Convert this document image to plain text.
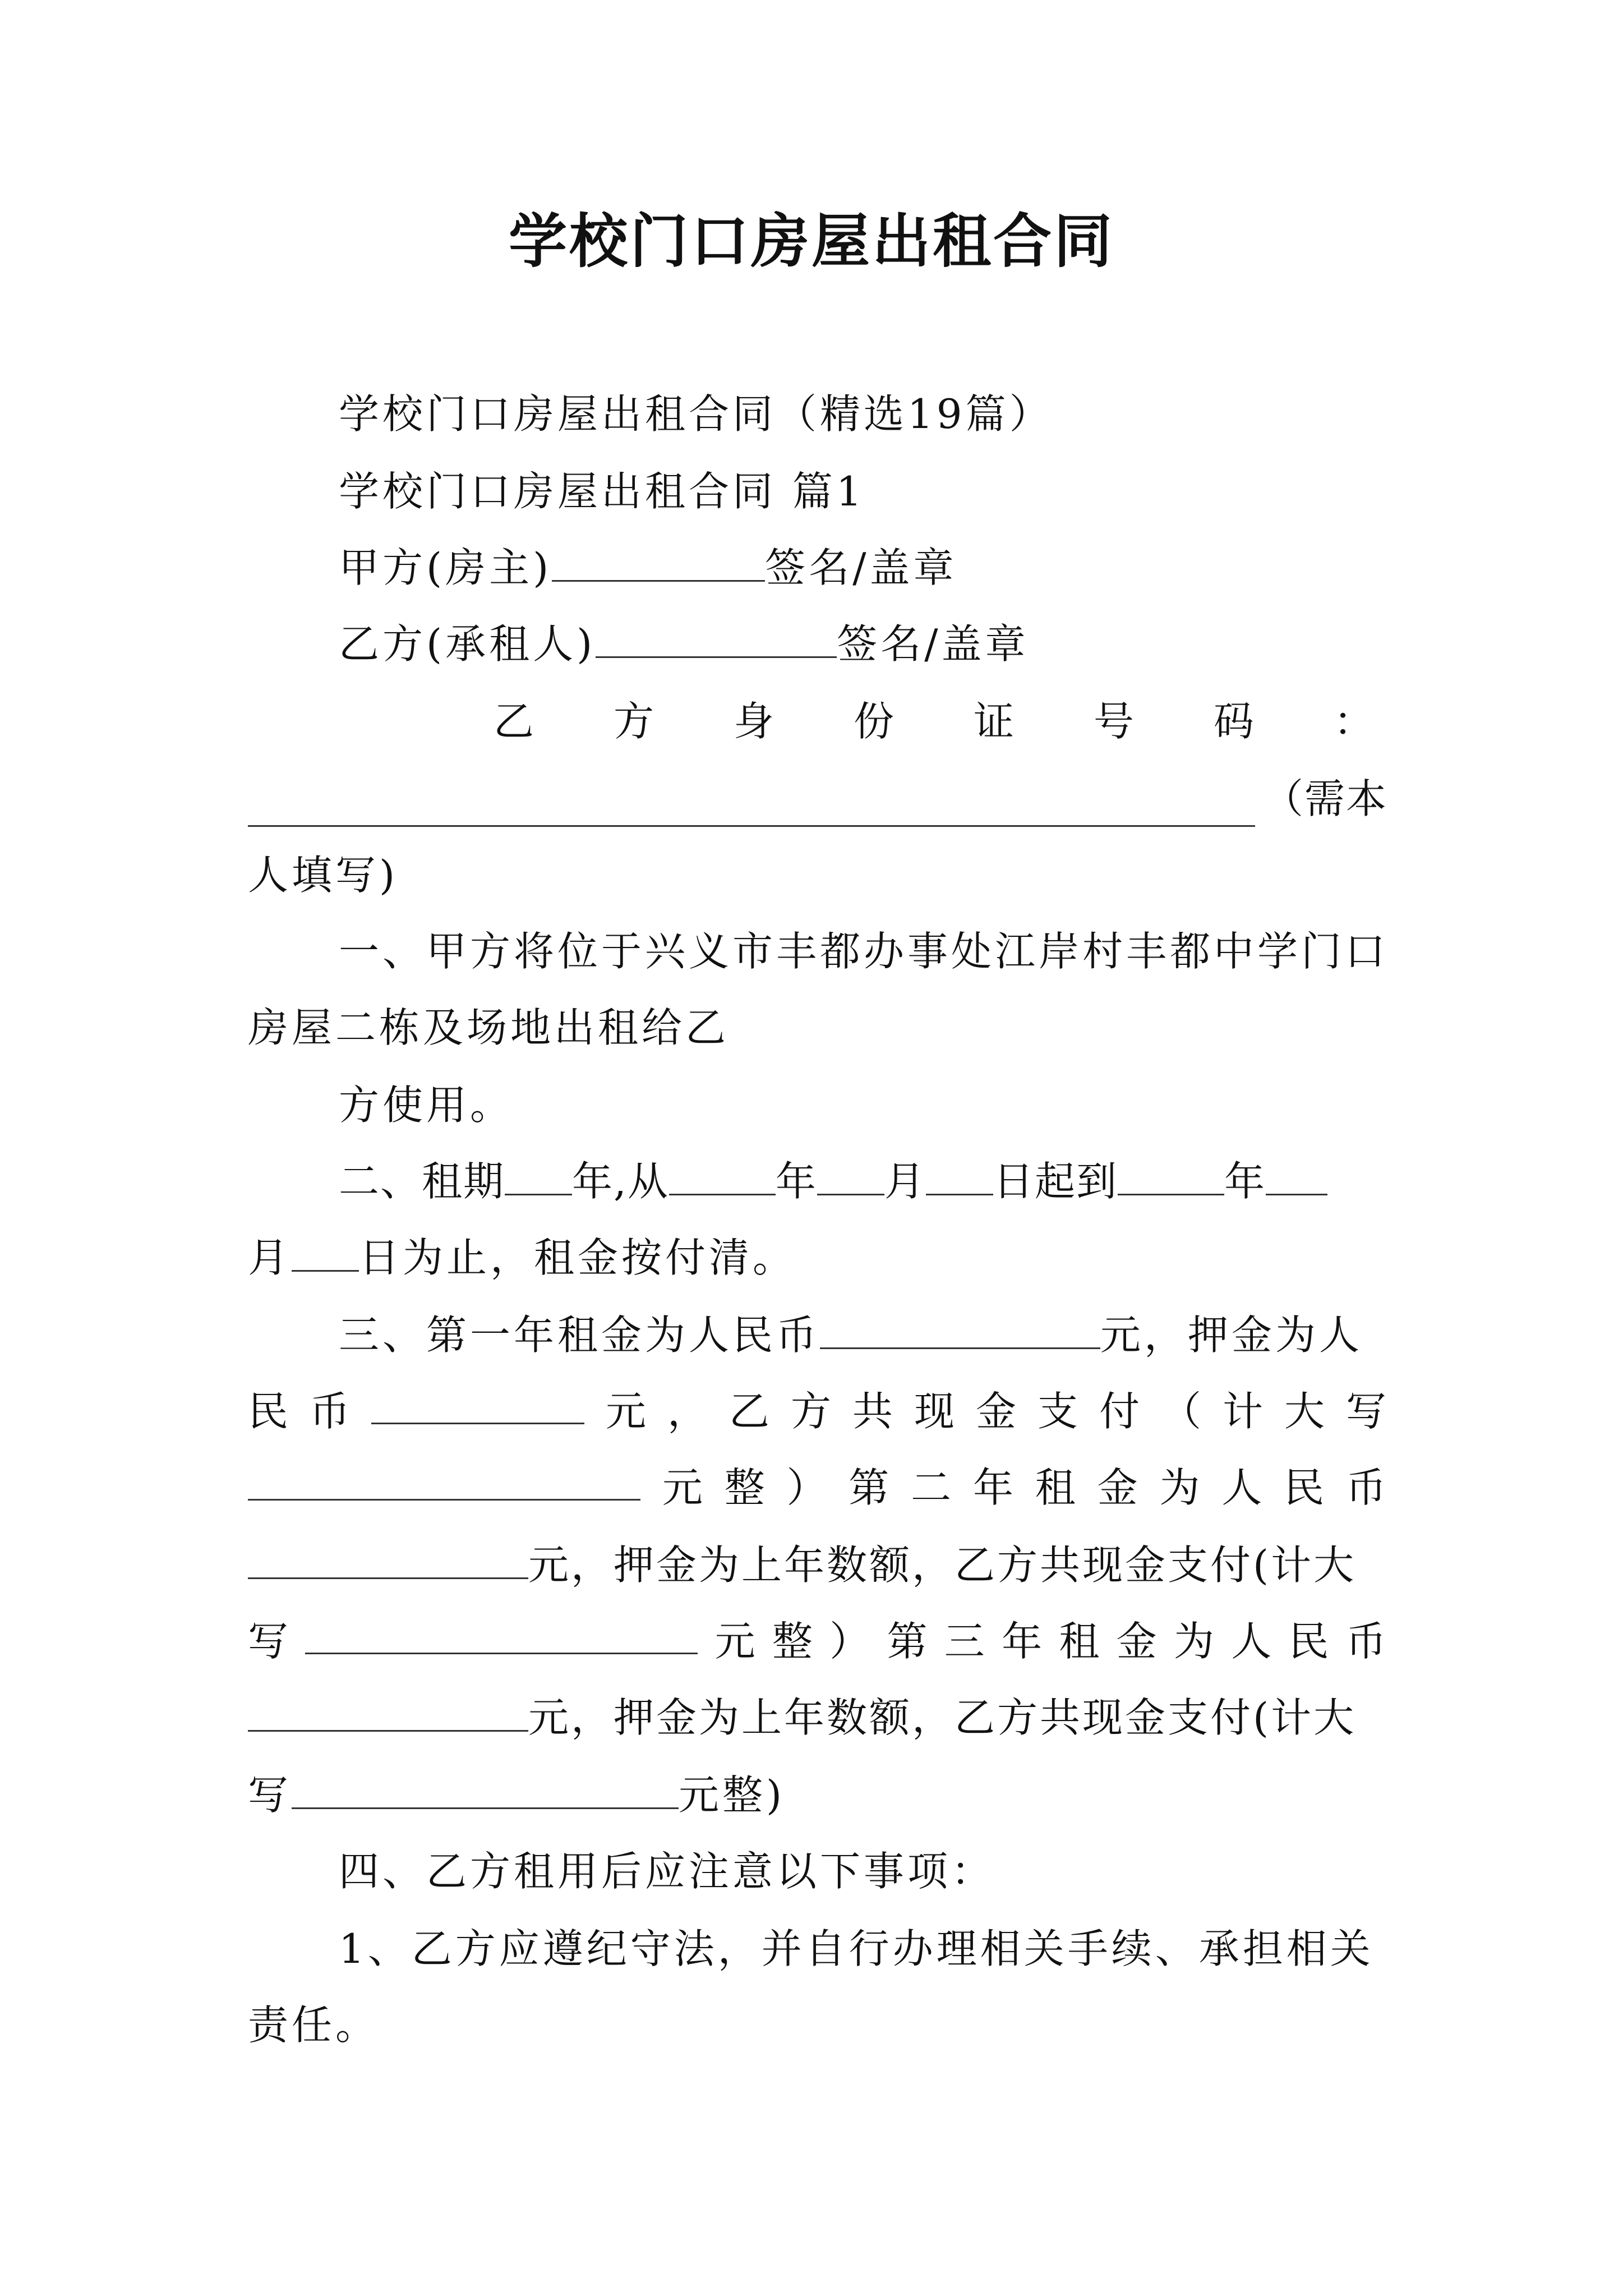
学校门口房屋出租合同
学校门口房屋出租合同（精选19篇）
学校门口房屋出租合同 篇1
甲方(房主)	签名/盖章
乙方(承租人)	签名/盖章
乙 方 身 份 证 号 码 ：
（ 需 本
人填写)
一、甲方将位于兴义市丰都办事处江岸村丰都中学门口
房屋二栋及场地出租给乙
方使用。
二、租期 年,从	年 月 日起到	年
月 日为止，租金按付清。
三、第一年租金为人民币	元，押金为人
民 币	元 ， 乙 方 共 现 金 支 付 （ 计 大 写
元 整 ） 第 二 年 租 金 为 人 民 币
元，押金为上年数额，乙方共现金支付(计大
写	元 整 ） 第 三 年 租 金 为 人 民 币
元，押金为上年数额，乙方共现金支付(计大
写	元整)
四、乙方租用后应注意以下事项：
1、乙方应遵纪守法，并自行办理相关手续、承担相关
责任。
